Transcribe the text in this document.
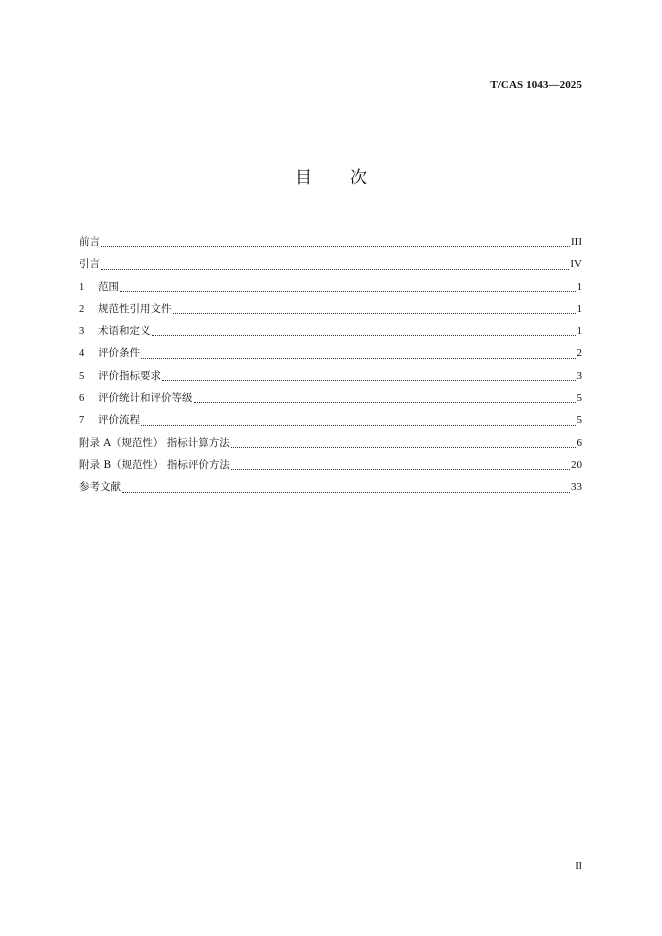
T/CAS 1043—2025
目 次
前言	III
引言	IV
1	范围	1
2	规范性引用文件	1
3	术语和定义	1
4	评价条件	2
5	评价指标要求	3
6	评价统计和评价等级	5
7	评价流程	5
附录 A（规范性） 指标计算方法	6
附录 B（规范性） 指标评价方法	20
参考文献	33
II
